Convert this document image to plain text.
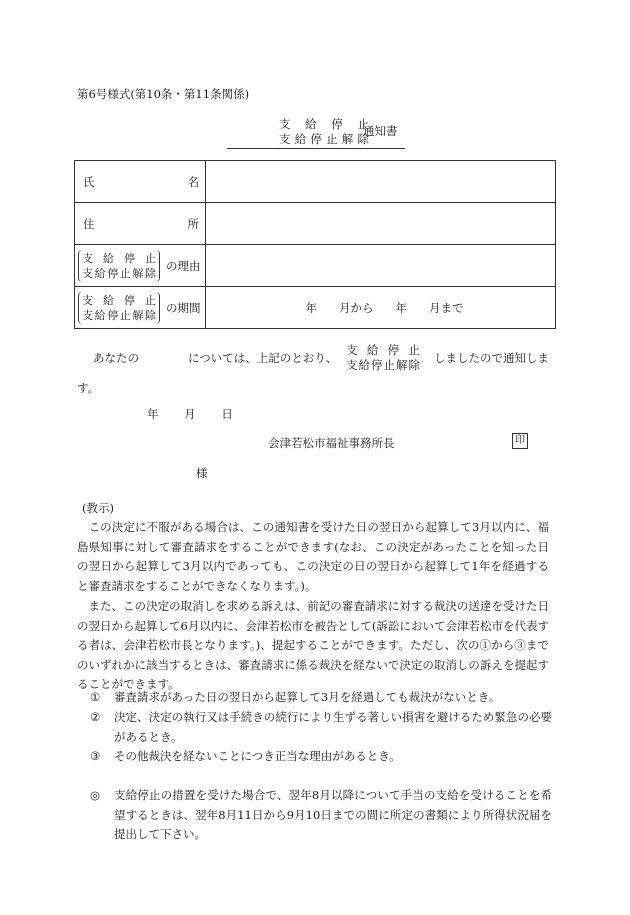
第6号様式(第10条・第11条関係)
支給停止
支給停止解除
通知書
氏 名	

住 所	

支給停止
支給停止解除
の理由	

支給停止
支給停止解除
の期間	年 月から 年 月まで
あなたの	については、上記のとおり、
支給停止
支給停止解除 しましたので通知しま
す。
年 月 日
会津若松市福祉事務所長	印
様
(教示)
この決定に不服がある場合は、この通知書を受けた日の翌日から起算して3月以内に、福島県知事に対して審査請求をすることができます(なお、この決定があったことを知った日の翌日から起算して3月以内であっても、この決定の日の翌日から起算して1年を経過すると審査請求をすることができなくなります。)。
また、この決定の取消しを求める訴えは、前記の審査請求に対する裁決の送達を受けた日の翌日から起算して6月以内に、会津若松市を被告として(訴訟において会津若松市を代表する者は、会津若松市長となります。)、提起することができます。ただし、次の①から③までのいずれかに該当するときは、審査請求に係る裁決を経ないで決定の取消しの訴えを提起することができます。
① 審査請求があった日の翌日から起算して3月を経過しても裁決がないとき。
② 決定、決定の執行又は手続きの続行により生ずる著しい損害を避けるため緊急の必要があるとき。
③ その他裁決を経ないことにつき正当な理由があるとき。
◎ 支給停止の措置を受けた場合で、翌年8月以降について手当の支給を受けることを希望するときは、翌年8月11日から9月10日までの間に所定の書類により所得状況届を提出して下さい。
